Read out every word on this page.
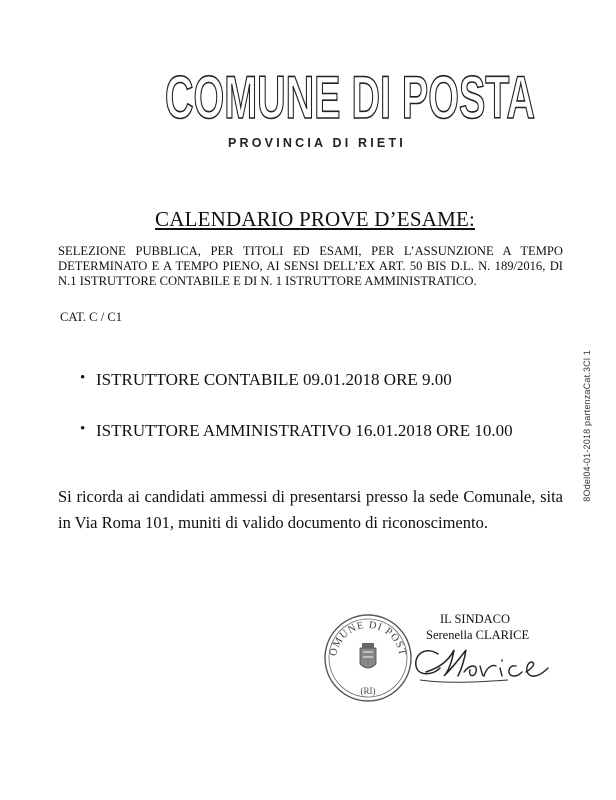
COMUNE DI POSTA
PROVINCIA DI RIETI
CALENDARIO PROVE D’ESAME:
SELEZIONE PUBBLICA, PER TITOLI ED ESAMI, PER L’ASSUNZIONE A TEMPO DETERMINATO E A TEMPO PIENO, AI SENSI DELL’EX ART. 50 BIS D.L. N. 189/2016, DI N.1 ISTRUTTORE CONTABILE E DI N. 1 ISTRUTTORE AMMINISTRATICO.
CAT. C / C1
• ISTRUTTORE CONTABILE 09.01.2018 ORE 9.00
• ISTRUTTORE AMMINISTRATIVO 16.01.2018 ORE 10.00
Si ricorda ai candidati ammessi di presentarsi presso la sede Comunale, sita in Via Roma 101, muniti di valido documento di riconoscimento.
OMUNE DI POST
(RI)
IL SINDACO
Serenella CLARICE
8Odel04-01-2018 partenzaCat.3Cl 1
